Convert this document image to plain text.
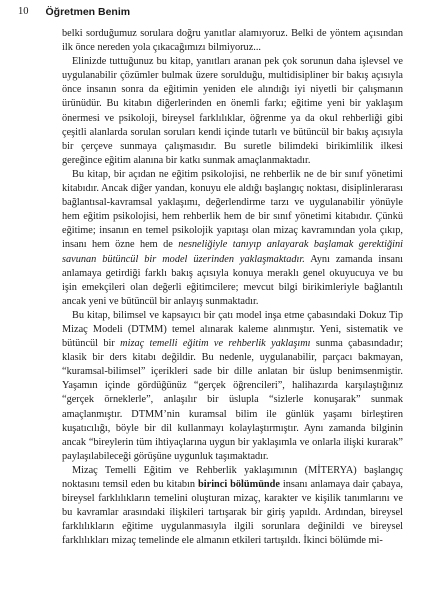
10 Öğretmen Benim

belki sorduğumuz sorulara doğru yanıtlar alamıyoruz. Belki de yöntem açısından ilk önce nereden yola çıkacağımızı bilmiyoruz...

Elinizde tuttuğunuz bu kitap, yanıtları aranan pek çok sorunun daha işlevsel ve uygulanabilir çözümler bulmak üzere sorulduğu, multidisipliner bir bakış açısıyla önce insanın sonra da eğitimin yeniden ele alındığı iyi niyetli bir çalışmanın ürünüdür. Bu kitabın diğerlerinden en önemli farkı; eğitime yeni bir yaklaşım önermesi ve psikoloji, bireysel farklılıklar, öğrenme ya da okul rehberliği gibi çeşitli alanlarda sorulan soruları kendi içinde tutarlı ve bütüncül bir bakış açısıyla bir çerçeve sunmaya çalışmasıdır. Bu suretle bilimdeki birikimlilik ilkesi gereğince eğitim alanına bir katkı sunmak amaçlanmaktadır.

Bu kitap, bir açıdan ne eğitim psikolojisi, ne rehberlik ne de bir sınıf yönetimi kitabıdır. Ancak diğer yandan, konuyu ele aldığı başlangıç noktası, disiplinlerarası bağlantısal-kavramsal yaklaşımı, değerlendirme tarzı ve uygulanabilir yönüyle hem eğitim psikolojisi, hem rehberlik hem de bir sınıf yönetimi kitabıdır. Çünkü eğitime; insanın en temel psikolojik yapıtaşı olan mizaç kavramından yola çıkıp, insanı hem özne hem de nesneliğiyle tanıyıp anlayarak başlamak gerektiğini savunan bütüncül bir model üzerinden yaklaşmaktadır. Aynı zamanda insanı anlamaya getirdiği farklı bakış açısıyla konuya meraklı genel okuyucuya ve bu işin emekçileri olan değerli eğitimcilere; mevcut bilgi birikimleriyle bağlantılı ancak yeni ve bütüncül bir anlayış sunmaktadır.

Bu kitap, bilimsel ve kapsayıcı bir çatı model inşa etme çabasındaki Dokuz Tip Mizaç Modeli (DTMM) temel alınarak kaleme alınmıştır. Yeni, sistematik ve bütüncül bir mizaç temelli eğitim ve rehberlik yaklaşımı sunma çabasındadır; klasik bir ders kitabı değildir. Bu nedenle, uygulanabilir, parçacı bakmayan, “kuramsal-bilimsel” içerikleri sade bir dille anlatan bir üslup benimsenmiştir. Yaşamın içinde gördüğünüz “gerçek öğrencileri”, halihazırda karşılaştığınız “gerçek örneklerle”, anlaşılır bir üslupla “sizlerle konuşarak” sunmak amaçlanmıştır. DTMM’nin kuramsal bilim ile günlük yaşamı birleştiren kuşatıcılığı, böyle bir dil kullanmayı kolaylaştırmıştır. Aynı zamanda bilginin ancak “bireylerin tüm ihtiyaçlarına uygun bir yaklaşımla ve onlarla ilişki kurarak” paylaşılabileceği görüşüne uygunluk taşımaktadır.

Mizaç Temelli Eğitim ve Rehberlik yaklaşımının (MİTERYA) başlangıç noktasını temsil eden bu kitabın birinci bölümünde insanı anlamaya dair çabaya, bireysel farklılıkların temelini oluşturan mizaç, karakter ve kişilik tanımlarını ve bu kavramlar arasındaki ilişkileri tartışarak bir giriş yapıldı. Ardından, bireysel farklılıkların eğitime uygulanmasıyla ilgili sorunlara değinildi ve bireysel farklılıkları mizaç temelinde ele almanın etkileri tartışıldı. İkinci bölümde mi-
